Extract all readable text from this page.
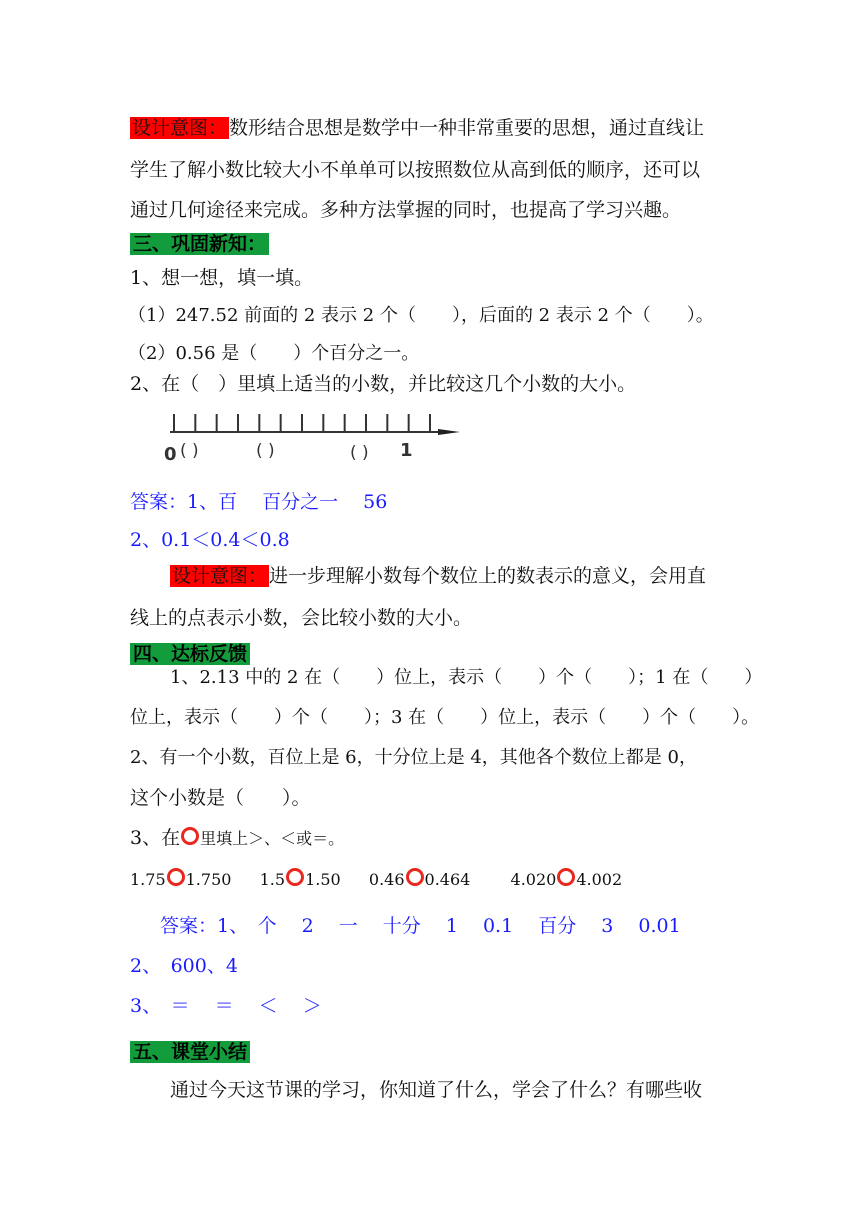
设计意图： 数形结合思想是数学中一种非常重要的思想，通过直线让
学生了解小数比较大小不单单可以按照数位从高到低的顺序，还可以
通过几何途径来完成。多种方法掌握的同时，也提高了学习兴趣。
三、巩固新知：
1、想一想，填一填。
（1）247.52 前面的 2 表示 2 个（　　），后面的 2 表示 2 个（　　）。
（2）0.56 是（　　）个百分之一。
2、在（　）里填上适当的小数，并比较这几个小数的大小。
0 ( )	( )	( ) 1
答案：1、百　 百分之一　 56
2、0.1＜0.4＜0.8
设计意图： 进一步理解小数每个数位上的数表示的意义，会用直
线上的点表示小数，会比较小数的大小。
四、达标反馈
1、2.13 中的 2 在（　　）位上，表示（　　）个（　　）；1 在（　　）
位上，表示（　　）个（　　）；3 在（　　）位上，表示（　　）个（　　）。
2、有一个小数，百位上是 6，十分位上是 4，其他各个数位上都是 0，
这个小数是（　　）。
3、在 里填上＞、＜或＝。
1.75 1.750 1.5 1.50 0.46 0.464	4.020 4.002
答案：1、　个　 2　 一　 十分　 1　 0.1　 百分　 3　 0.01
2、　600、4
3、　＝　 ＝　 ＜　 ＞
五、课堂小结
通过今天这节课的学习，你知道了什么，学会了什么？有哪些收
